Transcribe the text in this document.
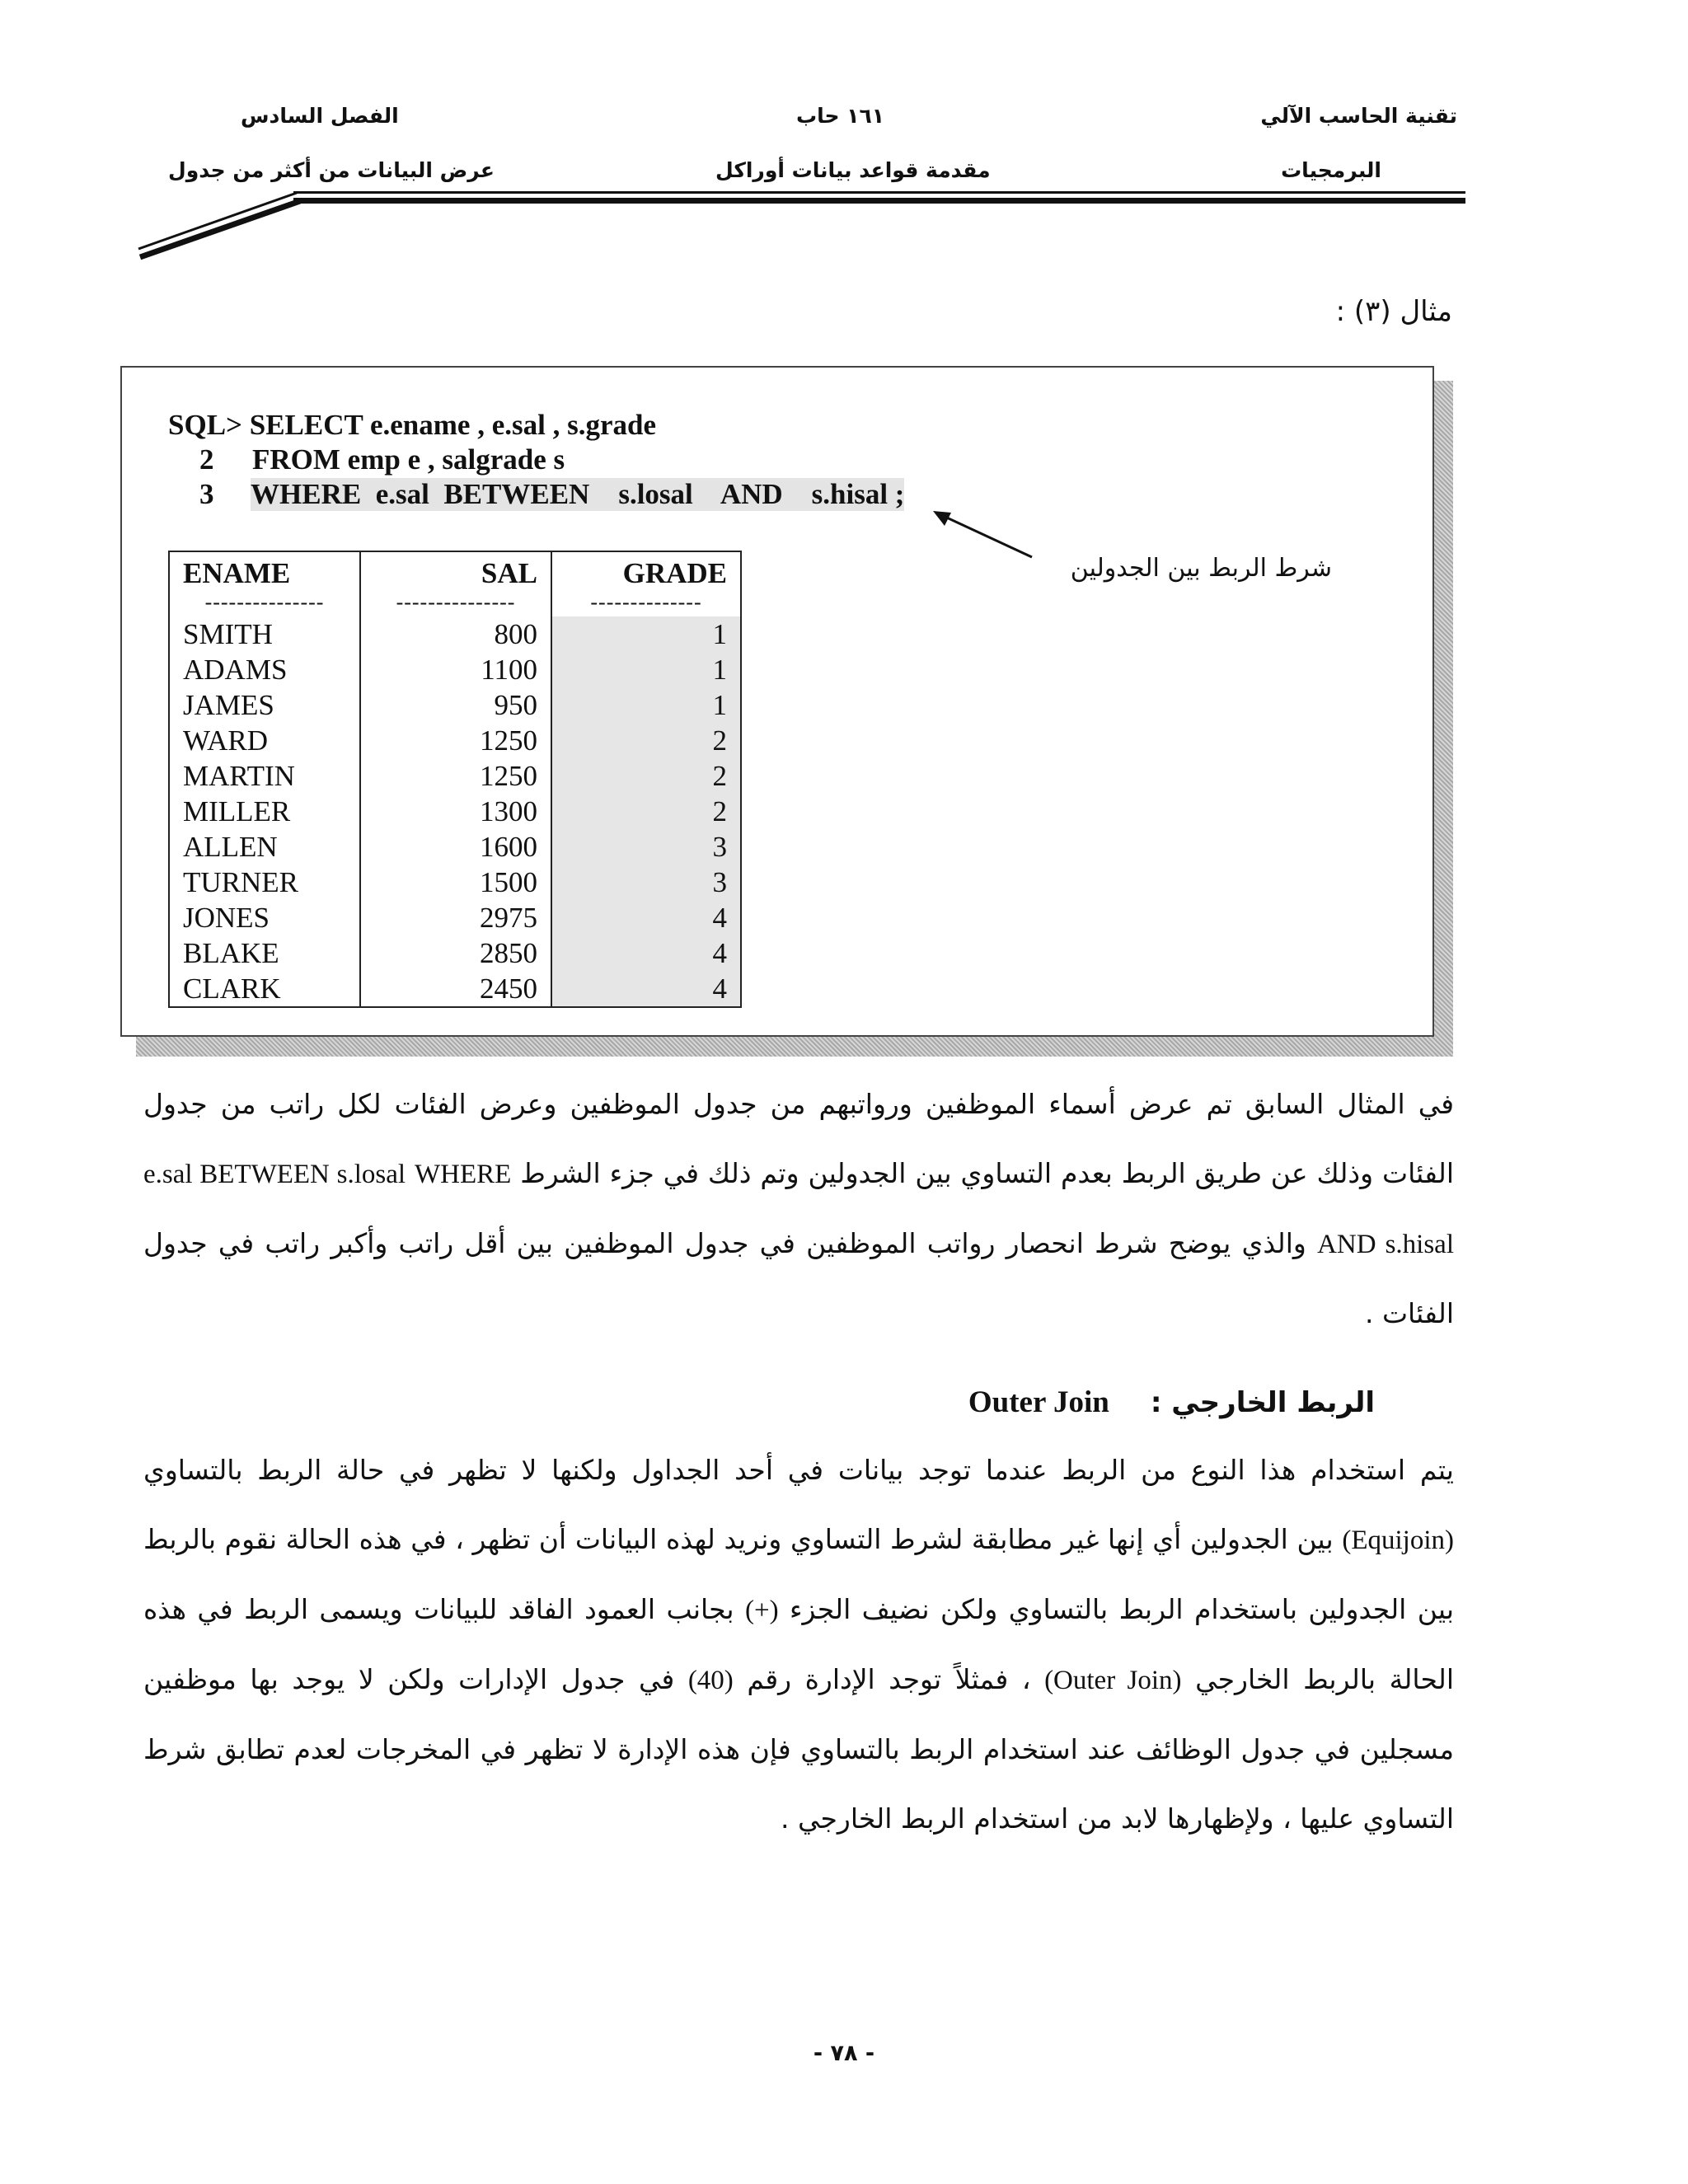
تقنية الحاسب الآلي
البرمجيات
١٦١ حاب
مقدمة قواعد بيانات أوراكل
الفصل السادس
عرض البيانات من أكثر من جدول
مثال (٣) :
SQL> SELECT e.ename , e.sal , s.grade
2 FROM emp e , salgrade s
3 WHERE  e.sal  BETWEEN    s.losal    AND    s.hisal ;
شرط الربط بين الجدولين
ENAME	SAL	GRADE
---------------	---------------	--------------
SMITH	800	1
ADAMS	1100	1
JAMES	950	1
WARD	1250	2
MARTIN	1250	2
MILLER	1300	2
ALLEN	1600	3
TURNER	1500	3
JONES	2975	4
BLAKE	2850	4
CLARK	2450	4
في المثال السابق تم عرض أسماء الموظفين ورواتبهم من جدول الموظفين وعرض الفئات لكل راتب من جدول الفئات وذلك عن طريق الربط بعدم التساوي بين الجدولين وتم ذلك في جزء الشرط WHERE e.sal BETWEEN s.losal AND s.hisal والذي يوضح شرط انحصار رواتب الموظفين في جدول الموظفين بين أقل راتب وأكبر راتب في جدول الفئات .
الربط الخارجي :Outer Join
يتم استخدام هذا النوع من الربط عندما توجد بيانات في أحد الجداول ولكنها لا تظهر في حالة الربط بالتساوي (Equijoin) بين الجدولين أي إنها غير مطابقة لشرط التساوي ونريد لهذه البيانات أن تظهر ، في هذه الحالة نقوم بالربط بين الجدولين باستخدام الربط بالتساوي ولكن نضيف الجزء (+) بجانب العمود الفاقد للبيانات ويسمى الربط في هذه الحالة بالربط الخارجي (Outer Join) ، فمثلاً توجد الإدارة رقم (40) في جدول الإدارات ولكن لا يوجد بها موظفين مسجلين في جدول الوظائف عند استخدام الربط بالتساوي فإن هذه الإدارة لا تظهر في المخرجات لعدم تطابق شرط التساوي عليها ، ولإظهارها لابد من استخدام الربط الخارجي .
- ٧٨ -
